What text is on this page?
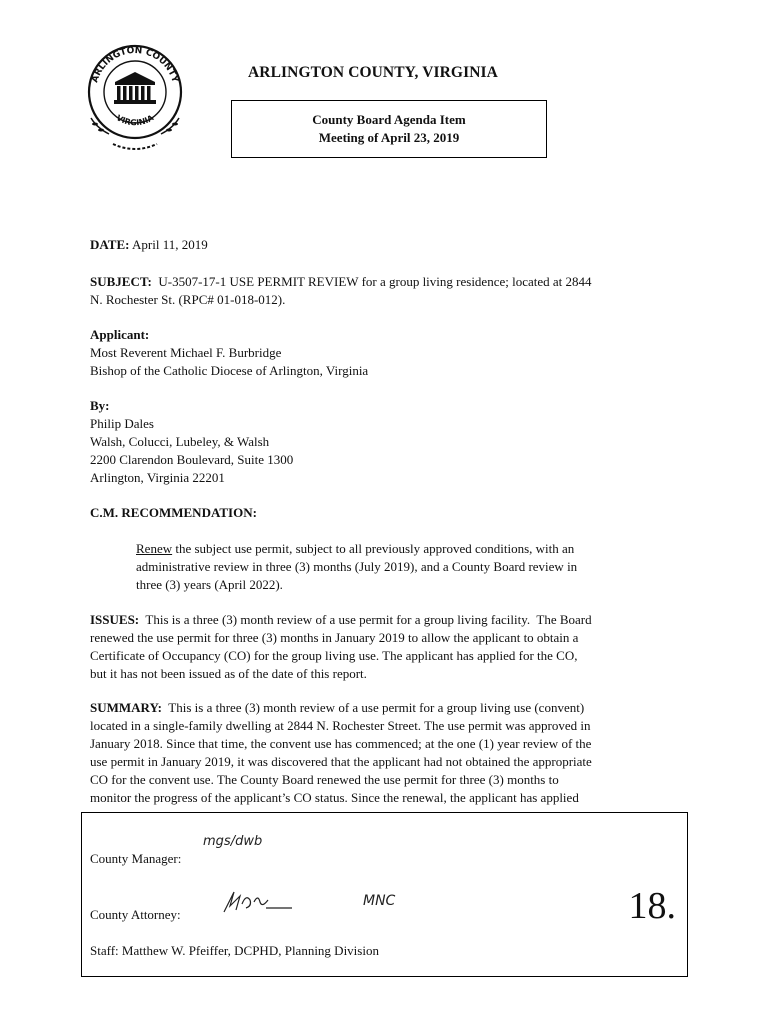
ARLINGTON COUNTY
VIRGINIA
ARLINGTON COUNTY, VIRGINIA
County Board Agenda Item
Meeting of April 23, 2019
DATE: April 11, 2019
SUBJECT: U-3507-17-1 USE PERMIT REVIEW for a group living residence; located at 2844
N. Rochester St. (RPC# 01-018-012).
Applicant:
Most Reverent Michael F. Burbridge
Bishop of the Catholic Diocese of Arlington, Virginia
By:
Philip Dales
Walsh, Colucci, Lubeley, & Walsh
2200 Clarendon Boulevard, Suite 1300
Arlington, Virginia 22201
C.M. RECOMMENDATION:
Renew the subject use permit, subject to all previously approved conditions, with an
administrative review in three (3) months (July 2019), and a County Board review in
three (3) years (April 2022).
ISSUES:  This is a three (3) month review of a use permit for a group living facility.  The Board
renewed the use permit for three (3) months in January 2019 to allow the applicant to obtain a
Certificate of Occupancy (CO) for the group living use. The applicant has applied for the CO,
but it has not been issued as of the date of this report.
SUMMARY:  This is a three (3) month review of a use permit for a group living use (convent)
located in a single-family dwelling at 2844 N. Rochester Street. The use permit was approved in
January 2018. Since that time, the convent use has commenced; at the one (1) year review of the
use permit in January 2019, it was discovered that the applicant had not obtained the appropriate
CO for the convent use. The County Board renewed the use permit for three (3) months to
monitor the progress of the applicant’s CO status. Since the renewal, the applicant has applied
County Manager:
mgs/dwb
County Attorney:
MNC	18.
Staff: Matthew W. Pfeiffer, DCPHD, Planning Division
